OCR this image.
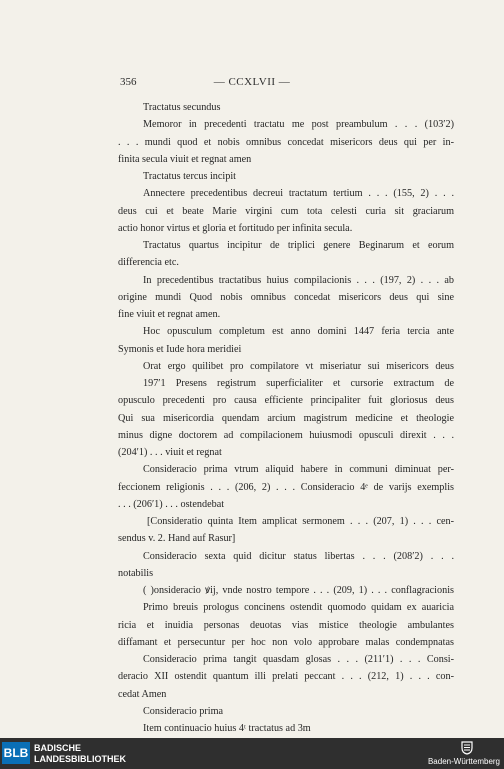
356	— CCXLVII —
Tractatus secundus
Memoror in precedenti tractatu me post preambulum . . . (103′2)
. . . mundi quod et nobis omnibus concedat misericors deus qui per in-
finita secula viuit et regnat amen
Tractatus tercus incipit
Annectere precedentibus decreui tractatum tertium . . . (155, 2) . . .
deus cui et beate Marie virgini cum tota celesti curia sit graciarum
actio honor virtus et gloria et fortitudo per infinita secula.
Tractatus quartus incipitur de triplici genere Beginarum et eorum
differencia etc.
In precedentibus tractatibus huius compilacionis . . . (197, 2) . . . ab
origine mundi Quod nobis omnibus concedat misericors deus qui sine
fine viuit et regnat amen.
Hoc opusculum completum est anno domini 1447 feria tercia ante
Symonis et Iude hora meridiei
Orat ergo quilibet pro compilatore vt miseriatur sui misericors deus
197′1 Presens registrum superficialiter et cursorie extractum de
opusculo precedenti pro causa efficiente principaliter fuit gloriosus deus
Qui sua misericordia quendam arcium magistrum medicine et theologie
minus digne doctorem ad compilacionem huiusmodi opusculi direxit . . .
(204′1) . . . viuit et regnat
Consideracio prima vtrum aliquid habere in communi diminuat per-
feccionem religionis . . . (206, 2) . . . Consideracio 4ᵉ de varijs exemplis
. . . (206′1) . . . ostendebat
[Consideratio quinta Item amplicat sermonem . . . (207, 1) . . . cen-
sendus v. 2. Hand auf Rasur]
Consideracio sexta quid dicitur status libertas . . . (208′2) . . .
notabilis
( )onsideracio ꝟij, vnde nostro tempore . . . (209, 1) . . . conflagracionis
Primo breuis prologus concinens ostendit quomodo quidam ex auaricia
ricia et inuidia personas deuotas vias mistice theologie ambulantes
diffamant et persecuntur per hoc non volo approbare malas condempnatas
Consideracio prima tangit quasdam glosas . . . (211′1) . . . Consi-
deracio XII ostendit quantum illi prelati peccant . . . (212, 1) . . . con-
cedat Amen
Consideracio prima
Item continuacio huius 4ᵗ tractatus ad 3m
BLB BADISCHE
LANDESBIBLIOTHEK	Baden-Württemberg
